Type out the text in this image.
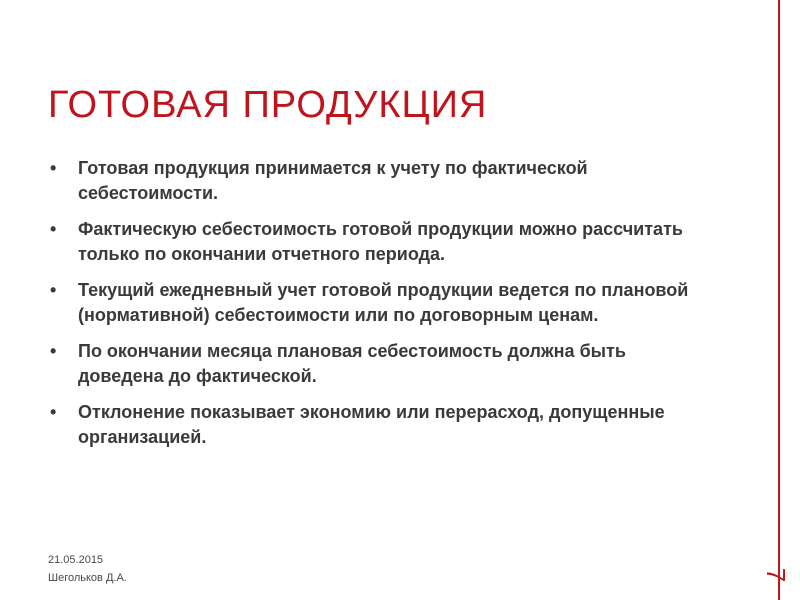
ГОТОВАЯ ПРОДУКЦИЯ
• Готовая продукция принимается к учету по фактической себестоимости.
• Фактическую себестоимость готовой продукции можно рассчитать только по окончании отчетного периода.
• Текущий ежедневный учет готовой продукции ведется по плановой (нормативной) себестоимости или по договорным ценам.
• По окончании месяца плановая себестоимость должна быть доведена до фактической.
• Отклонение показывает экономию или перерасход, допущенные организацией.
21.05.2015
Шегольков Д.А.	7
